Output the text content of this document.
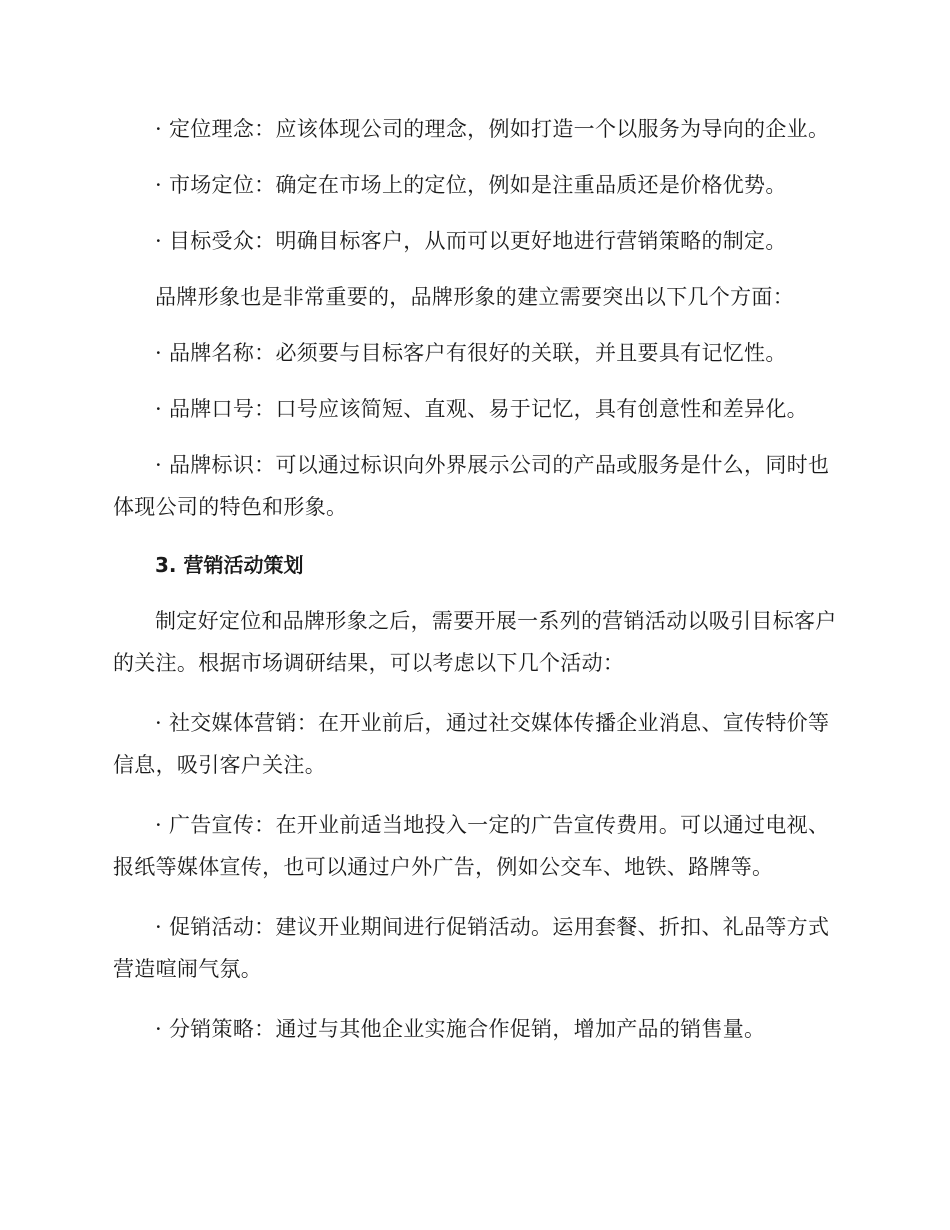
· 定位理念：应该体现公司的理念，例如打造一个以服务为导向的企业。

· 市场定位：确定在市场上的定位，例如是注重品质还是价格优势。

· 目标受众：明确目标客户，从而可以更好地进行营销策略的制定。

品牌形象也是非常重要的，品牌形象的建立需要突出以下几个方面：

· 品牌名称：必须要与目标客户有很好的关联，并且要具有记忆性。

· 品牌口号：口号应该简短、直观、易于记忆，具有创意性和差异化。

· 品牌标识：可以通过标识向外界展示公司的产品或服务是什么，同时也体现公司的特色和形象。

3. 营销活动策划

制定好定位和品牌形象之后，需要开展一系列的营销活动以吸引目标客户的关注。根据市场调研结果，可以考虑以下几个活动：

· 社交媒体营销：在开业前后，通过社交媒体传播企业消息、宣传特价等信息，吸引客户关注。

· 广告宣传：在开业前适当地投入一定的广告宣传费用。可以通过电视、报纸等媒体宣传，也可以通过户外广告，例如公交车、地铁、路牌等。

· 促销活动：建议开业期间进行促销活动。运用套餐、折扣、礼品等方式营造喧闹气氛。

· 分销策略：通过与其他企业实施合作促销，增加产品的销售量。
